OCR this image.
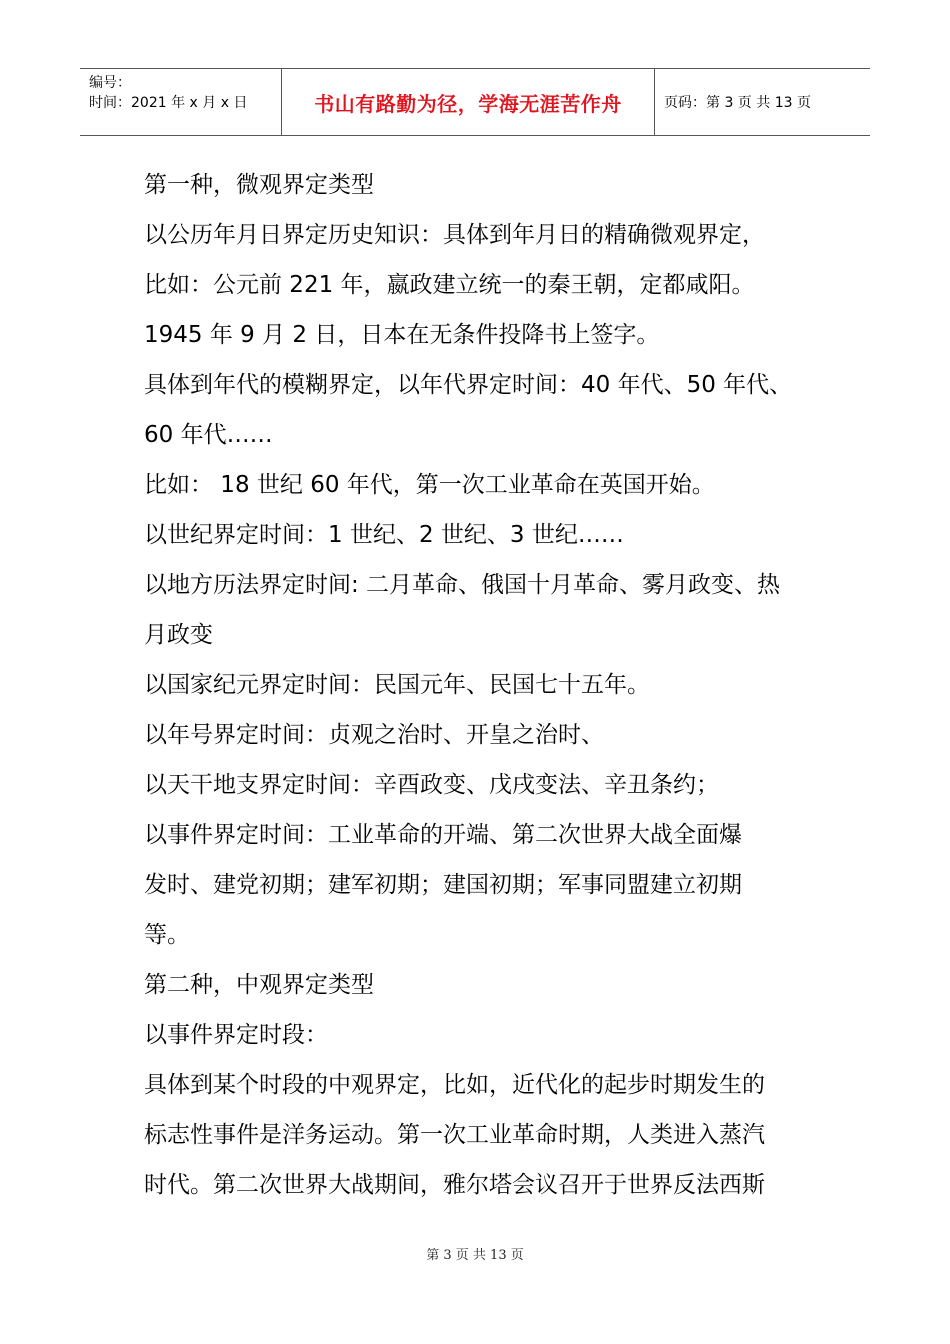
编号：
时间：2021 年 x 月 x 日	书山有路勤为径，学海无涯苦作舟	页码：第 3 页 共 13 页

第一种，微观界定类型

以公历年月日界定历史知识：具体到年月日的精确微观界定，

比如：公元前 221 年，嬴政建立统一的秦王朝，定都咸阳。

1945 年 9 月 2 日，日本在无条件投降书上签字。

具体到年代的模糊界定，以年代界定时间：40 年代、50 年代、

60 年代……

比如： 18 世纪 60 年代，第一次工业革命在英国开始。

以世纪界定时间：1 世纪、2 世纪、3 世纪……

以地方历法界定时间: 二月革命、俄国十月革命、雾月政变、热

月政变

以国家纪元界定时间：民国元年、民国七十五年。

以年号界定时间：贞观之治时、开皇之治时、

以天干地支界定时间：辛酉政变、戊戌变法、辛丑条约；

以事件界定时间：工业革命的开端、第二次世界大战全面爆

发时、建党初期；建军初期；建国初期；军事同盟建立初期

等。

第二种，中观界定类型

以事件界定时段：

具体到某个时段的中观界定，比如，近代化的起步时期发生的

标志性事件是洋务运动。第一次工业革命时期，人类进入蒸汽

时代。第二次世界大战期间，雅尔塔会议召开于世界反法西斯

第 3 页 共 13 页
